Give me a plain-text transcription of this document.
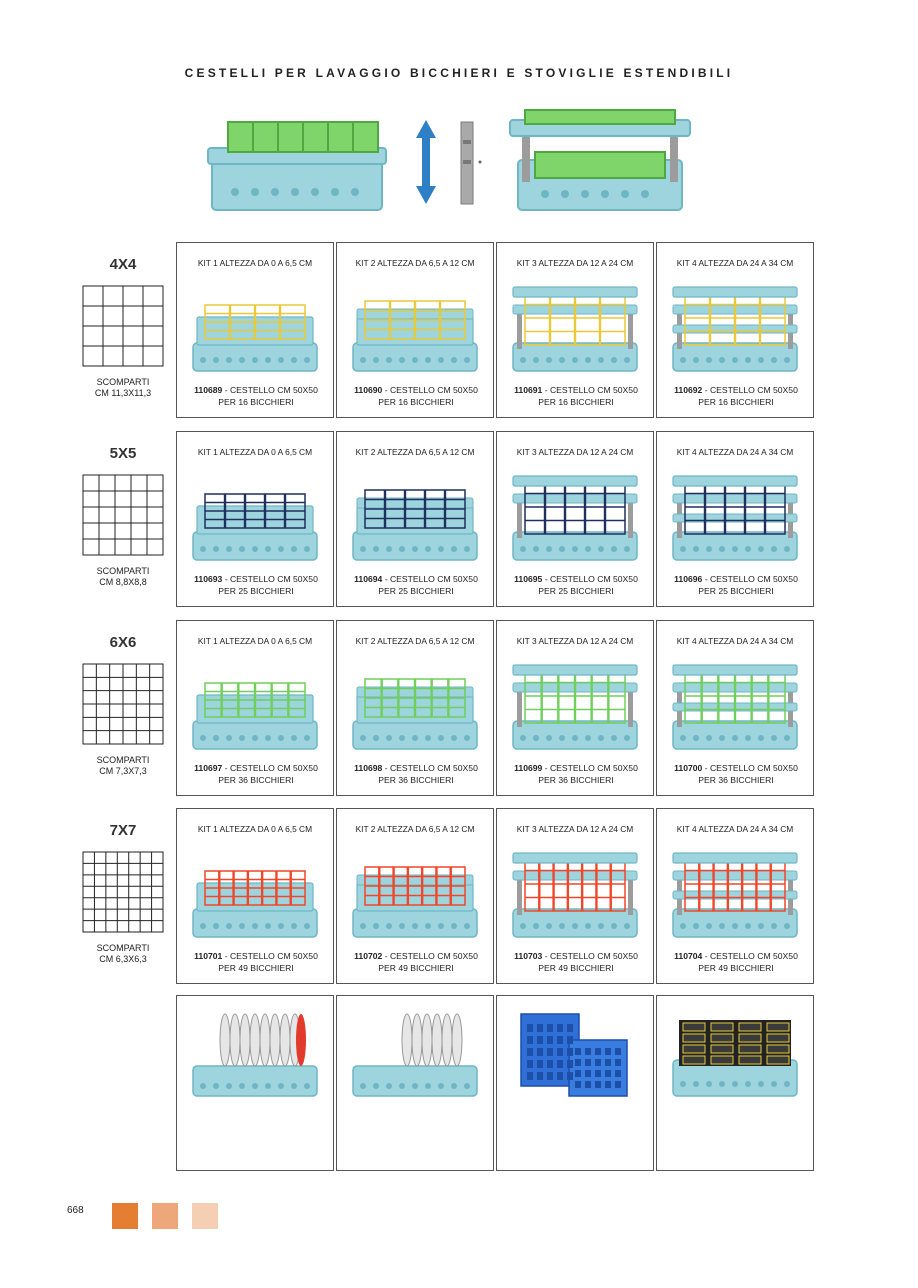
CESTELLI PER LAVAGGIO BICCHIERI E STOVIGLIE ESTENDIBILI
4X4
SCOMPARTI
CM 11,3X11,3
KIT 1 ALTEZZA DA 0 A 6,5 CM
110689 - CESTELLO CM 50X50
PER 16 BICCHIERI
KIT 2 ALTEZZA DA 6,5 A 12 CM
110690 - CESTELLO CM 50X50
PER 16 BICCHIERI
KIT 3 ALTEZZA DA 12 A 24 CM
110691 - CESTELLO CM 50X50
PER 16 BICCHIERI
KIT 4 ALTEZZA DA 24 A 34 CM
110692 - CESTELLO CM 50X50
PER 16 BICCHIERI
5X5
SCOMPARTI
CM 8,8X8,8
KIT 1 ALTEZZA DA 0 A 6,5 CM
110693 - CESTELLO CM 50X50
PER 25 BICCHIERI
KIT 2 ALTEZZA DA 6,5 A 12 CM
110694 - CESTELLO CM 50X50
PER 25 BICCHIERI
KIT 3 ALTEZZA DA 12 A 24 CM
110695 - CESTELLO CM 50X50
PER 25 BICCHIERI
KIT 4 ALTEZZA DA 24 A 34 CM
110696 - CESTELLO CM 50X50
PER 25 BICCHIERI
6X6
SCOMPARTI
CM 7,3X7,3
KIT 1 ALTEZZA DA 0 A 6,5 CM
110697 - CESTELLO CM 50X50
PER 36 BICCHIERI
KIT 2 ALTEZZA DA 6,5 A 12 CM
110698 - CESTELLO CM 50X50
PER 36 BICCHIERI
KIT 3 ALTEZZA DA 12 A 24 CM
110699 - CESTELLO CM 50X50
PER 36 BICCHIERI
KIT 4 ALTEZZA DA 24 A 34 CM
110700 - CESTELLO CM 50X50
PER 36 BICCHIERI
7X7
SCOMPARTI
CM 6,3X6,3
KIT 1 ALTEZZA DA 0 A 6,5 CM
110701 - CESTELLO CM 50X50
PER 49 BICCHIERI
KIT 2 ALTEZZA DA 6,5 A 12 CM
110702 - CESTELLO CM 50X50
PER 49 BICCHIERI
KIT 3 ALTEZZA DA 12 A 24 CM
110703 - CESTELLO CM 50X50
PER 49 BICCHIERI
KIT 4 ALTEZZA DA 24 A 34 CM
110704 - CESTELLO CM 50X50
PER 49 BICCHIERI
668
